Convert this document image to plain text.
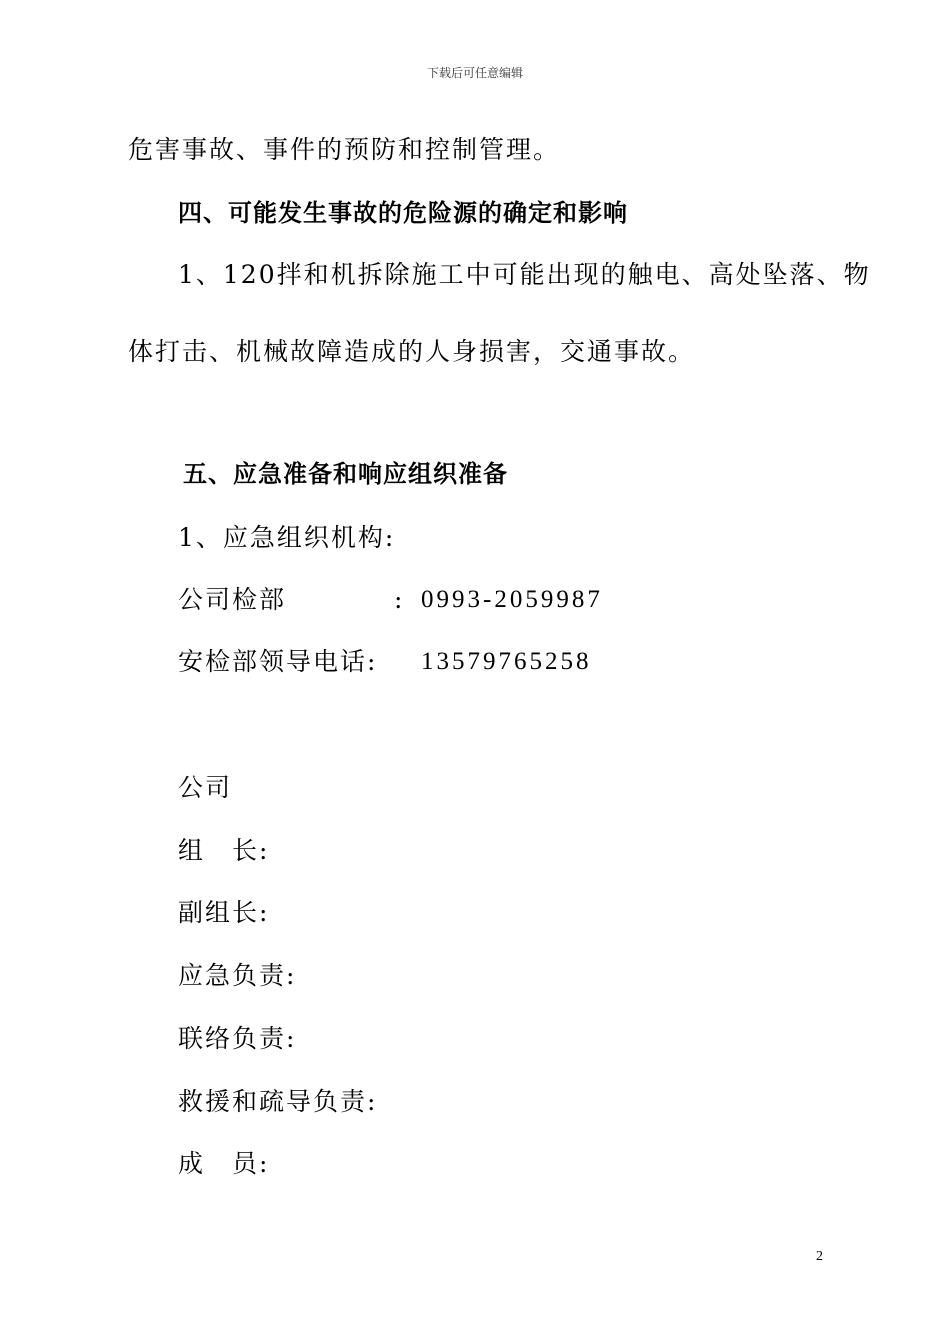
下载后可任意编辑
危害事故、事件的预防和控制管理。
四、可能发生事故的危险源的确定和影响
1、120拌和机拆除施工中可能出现的触电、高处坠落、物
体打击、机械故障造成的人身损害，交通事故。
五、应急准备和响应组织准备
1、应急组织机构:
公司检部	: 0993-2059987
安检部领导电话: 13579765258
公司
组　长:
副组长:
应急负责:
联络负责:
救援和疏导负责:
成　员:
2
